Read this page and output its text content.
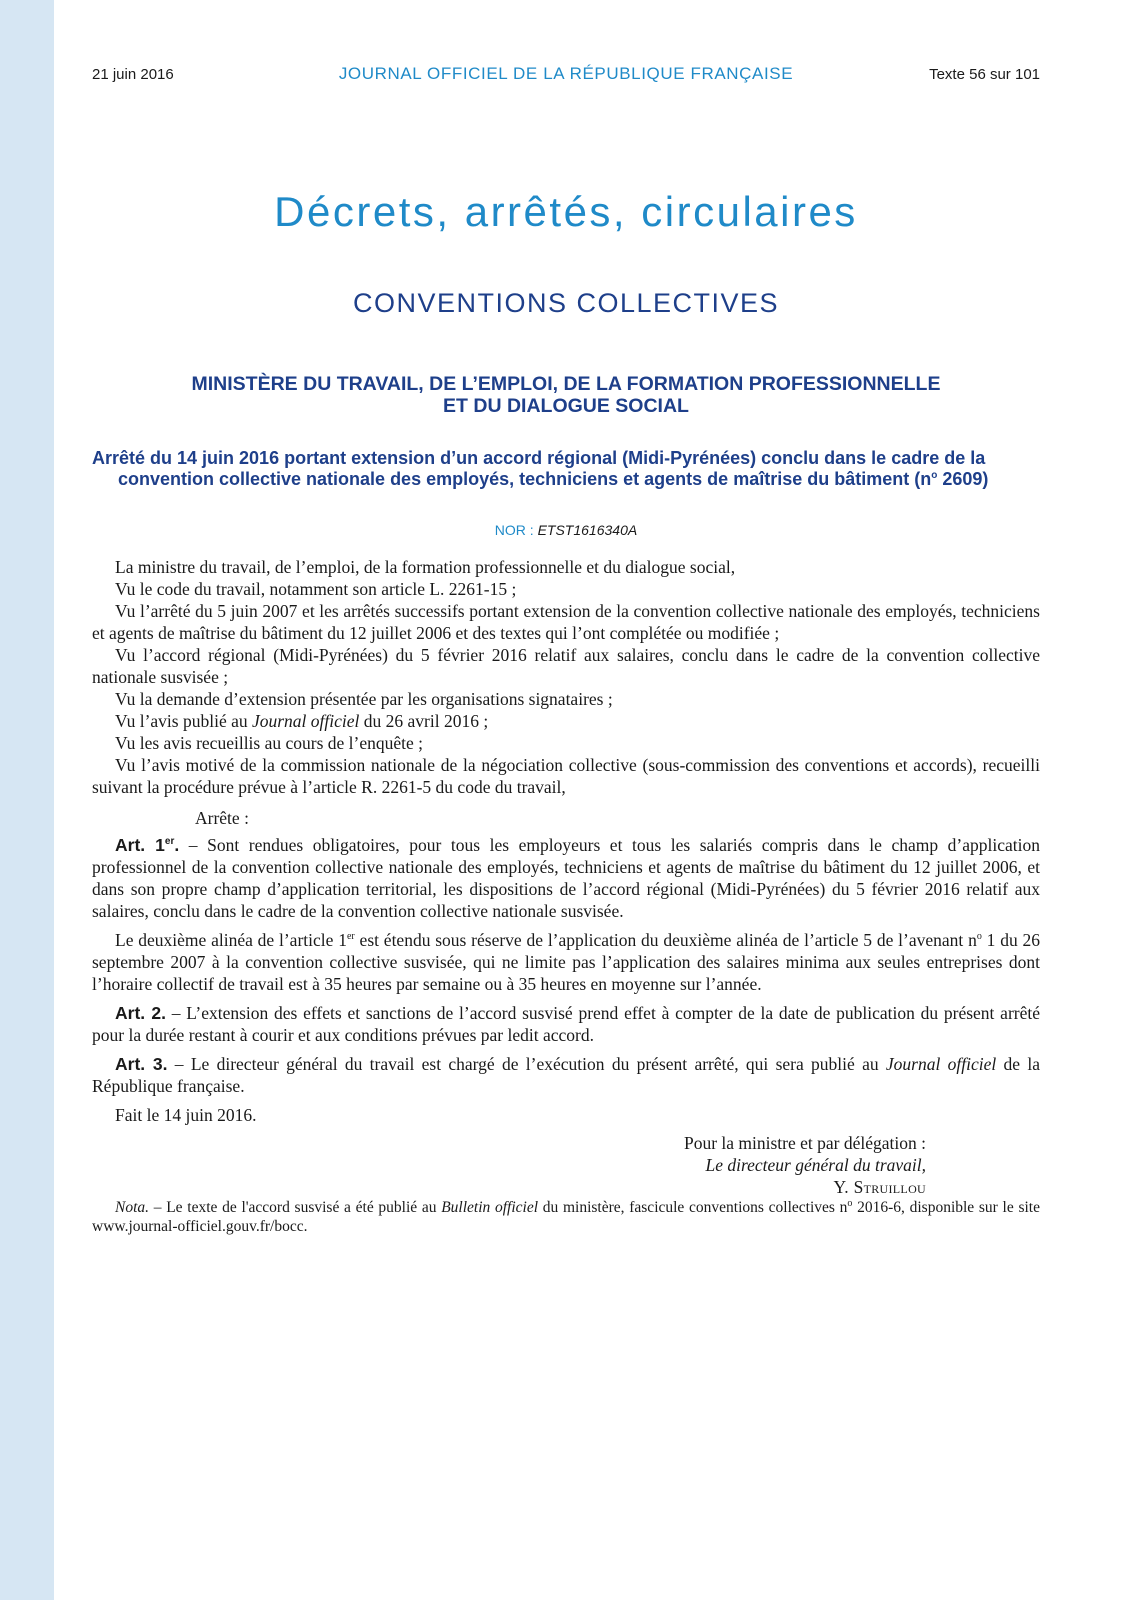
21 juin 2016	JOURNAL OFFICIEL DE LA RÉPUBLIQUE FRANÇAISE	Texte 56 sur 101
Décrets, arrêtés, circulaires
CONVENTIONS COLLECTIVES
MINISTÈRE DU TRAVAIL, DE L’EMPLOI, DE LA FORMATION PROFESSIONNELLE
ET DU DIALOGUE SOCIAL
Arrêté du 14 juin 2016 portant extension d’un accord régional (Midi-Pyrénées) conclu dans le cadre de la convention collective nationale des employés, techniciens et agents de maîtrise du bâtiment ($n^o$ 2609)
NOR : ETST1616340A

La ministre du travail, de l’emploi, de la formation professionnelle et du dialogue social,

Vu le code du travail, notamment son article L. 2261-15 ;

Vu l’arrêté du 5 juin 2007 et les arrêtés successifs portant extension de la convention collective nationale des employés, techniciens et agents de maîtrise du bâtiment du 12 juillet 2006 et des textes qui l’ont complétée ou modifiée ;

Vu l’accord régional (Midi-Pyrénées) du 5 février 2016 relatif aux salaires, conclu dans le cadre de la convention collective nationale susvisée ;

Vu la demande d’extension présentée par les organisations signataires ;

Vu l’avis publié au Journal officiel du 26 avril 2016 ;

Vu les avis recueillis au cours de l’enquête ;

Vu l’avis motivé de la commission nationale de la négociation collective (sous-commission des conventions et accords), recueilli suivant la procédure prévue à l’article R. 2261-5 du code du travail,

Arrête :

Art. 1er. – Sont rendues obligatoires, pour tous les employeurs et tous les salariés compris dans le champ d’application professionnel de la convention collective nationale des employés, techniciens et agents de maîtrise du bâtiment du 12 juillet 2006, et dans son propre champ d’application territorial, les dispositions de l’accord régional (Midi-Pyrénées) du 5 février 2016 relatif aux salaires, conclu dans le cadre de la convention collective nationale susvisée.

Le deuxième alinéa de l’article 1er est étendu sous réserve de l’application du deuxième alinéa de l’article 5 de l’avenant $n^o$ 1 du 26 septembre 2007 à la convention collective susvisée, qui ne limite pas l’application des salaires minima aux seules entreprises dont l’horaire collectif de travail est à 35 heures par semaine ou à 35 heures en moyenne sur l’année.

Art. 2. – L’extension des effets et sanctions de l’accord susvisé prend effet à compter de la date de publication du présent arrêté pour la durée restant à courir et aux conditions prévues par ledit accord.

Art. 3. – Le directeur général du travail est chargé de l’exécution du présent arrêté, qui sera publié au Journal officiel de la République française.

Fait le 14 juin 2016.

Pour la ministre et par délégation :
Le directeur général du travail,
Y. Struillou

Nota. – Le texte de l'accord susvisé a été publié au Bulletin officiel du ministère, fascicule conventions collectives $n^o$ 2016-6, disponible sur le site www.journal-officiel.gouv.fr/bocc.
